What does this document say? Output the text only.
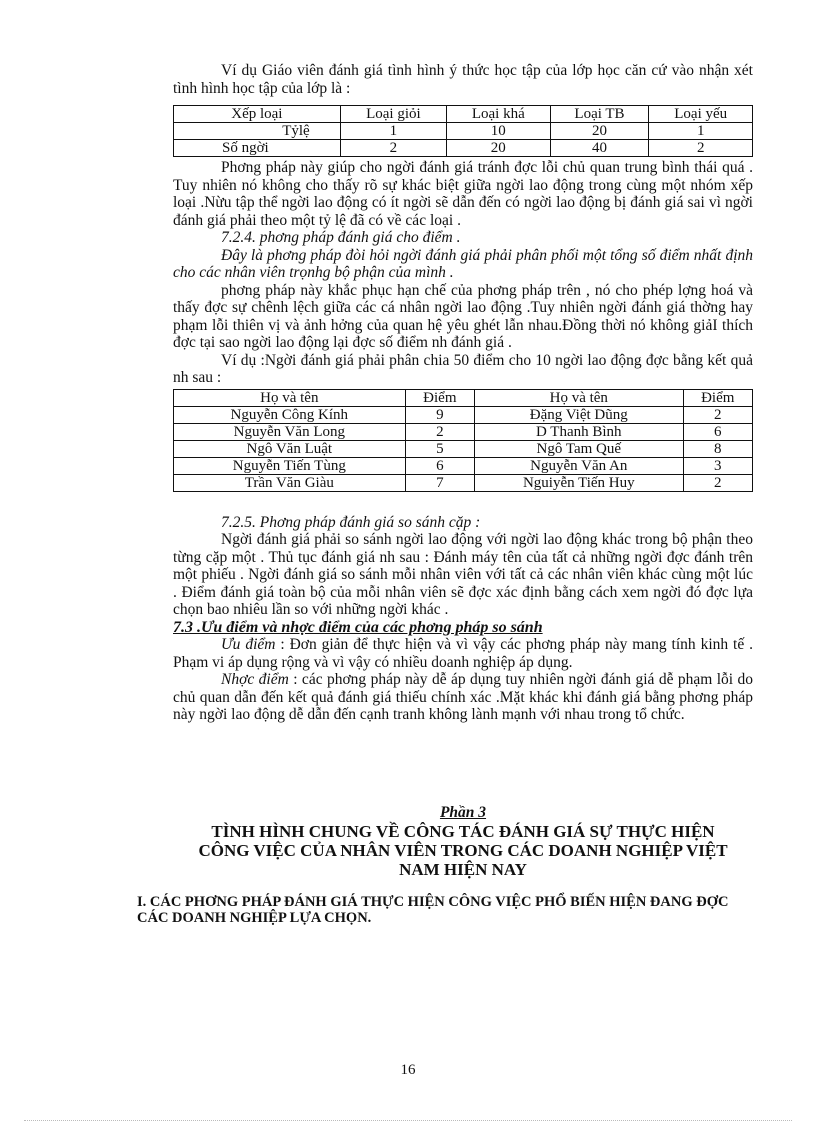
Ví dụ Giáo viên đánh giá tình hình ý thức học tập của lớp học căn cứ vào nhận xét tình hình học tập của lớp là :

Xếp loại	Loại giỏi	Loại khá	Loại TB	Loại yếu
Tỷlệ	1	10	20	1
Số ngời	2	20	40	2

Phơng pháp này giúp cho ngời đánh giá tránh đợc lỗi chủ quan trung bình thái quá . Tuy nhiên nó không cho thấy rõ sự khác biệt giữa ngời lao động trong cùng một nhóm xếp loại .Nừu tập thể ngời lao động có ít ngời sẽ dẫn đến có ngời lao động bị đánh giá sai vì ngời đánh giá phải theo một tỷ lệ đã có về các loại .

7.2.4. phơng pháp đánh giá cho điểm .

Đây là phơng pháp đòi hỏi ngời đánh giá phải phân phối một tổng số điểm nhất định cho các nhân viên trọnhg bộ phận của mình .

phơng pháp này khắc phục hạn chế của phơng pháp trên , nó cho phép lợng hoá và thấy đợc sự chênh lệch giữa các cá nhân ngời lao động .Tuy nhiên ngời đánh giá thờng hay phạm lỗi thiên vị và ảnh hởng của quan hệ yêu ghét lẫn nhau.Đồng thời nó không giảI thích đợc tại sao ngời lao động lại đợc số điểm nh đánh giá .

Ví dụ :Ngời đánh giá phải phân chia 50 điểm cho 10 ngời lao động đợc bằng kết quả nh sau :

Họ và tên	Điểm	Họ và tên	Điểm
Nguyễn Công Kính	9	Đặng Việt Dũng	2
Nguyễn Văn Long	2	D Thanh Bình	6
Ngô Văn Luật	5	Ngô Tam Quế	8
Nguyễn Tiến Tùng	6	Nguyễn Văn An	3
Trần Văn Giàu	7	Nguiyễn Tiến Huy	2

7.2.5. Phơng pháp đánh giá so sánh cặp :

Ngời đánh giá phải so sánh ngời lao động với ngời lao động khác trong bộ phận theo từng cặp một . Thủ tục đánh giá nh sau : Đánh máy tên của tất cả những ngời đợc đánh trên một phiếu . Ngời đánh giá so sánh mỗi nhân viên với tất cả các nhân viên khác cùng một lúc . Điểm đánh giá toàn bộ của mỗi nhân viên sẽ đợc xác định bằng cách xem ngời đó đợc lựa chọn bao nhiêu lần so với những ngời khác .

7.3 .Ưu điểm và nhợc điểm của các phơng pháp so sánh

Ưu điểm : Đơn giản để thực hiện và vì vậy các phơng pháp này mang tính kinh tế . Phạm vi áp dụng rộng và vì vậy có nhiều doanh nghiệp áp dụng.

Nhợc điểm : các phơng pháp này dễ áp dụng tuy nhiên ngời đánh giá dễ phạm lỗi do chủ quan dẫn đến kết quả đánh giá thiếu chính xác .Mặt khác khi đánh giá bằng phơng pháp này ngời lao động dễ dẫn đến cạnh tranh không lành mạnh với nhau trong tổ chức.

Phần 3

TÌNH HÌNH CHUNG VỀ CÔNG TÁC ĐÁNH GIÁ SỰ THỰC HIỆN

CÔNG VIỆC CỦA NHÂN VIÊN TRONG CÁC DOANH NGHIỆP VIỆT

NAM HIỆN NAY

I. CÁC PHƠNG PHÁP ĐÁNH GIÁ THỰC HIỆN CÔNG VIỆC PHỔ BIẾN HIỆN ĐANG ĐỢC CÁC DOANH NGHIỆP LỰA CHỌN.

16
